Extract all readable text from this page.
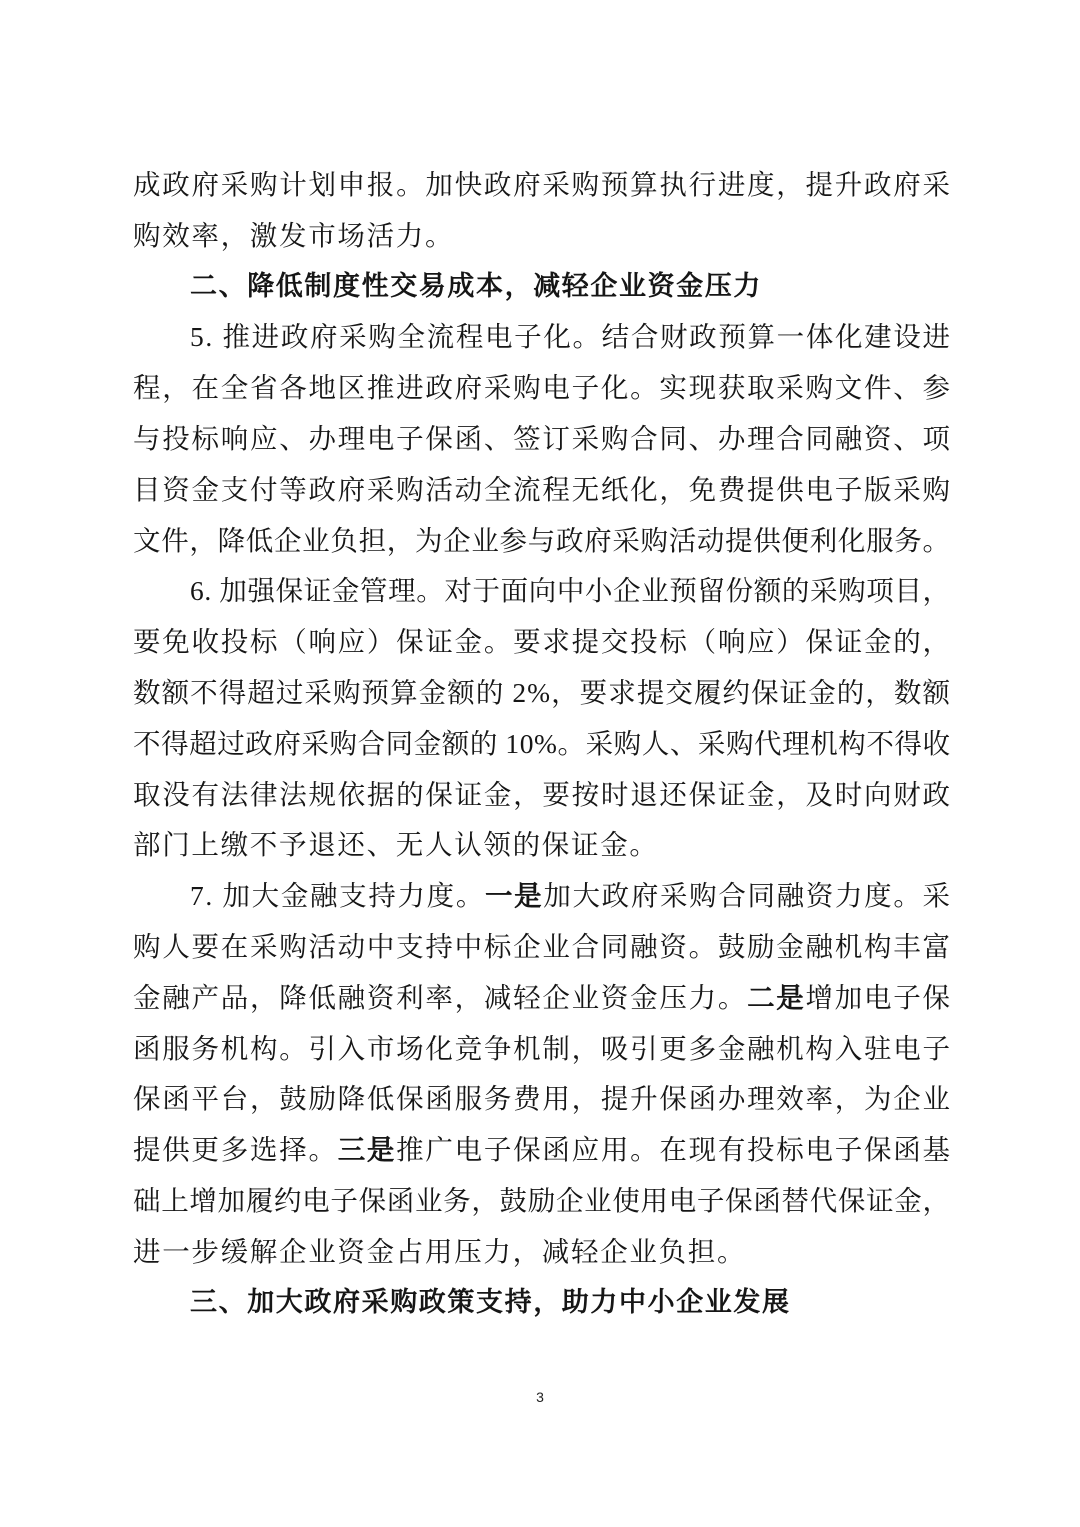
成政府采购计划申报。加快政府采购预算执行进度，提升政府采
购效率，激发市场活力。
二、降低制度性交易成本，减轻企业资金压力
5. 推进政府采购全流程电子化。结合财政预算一体化建设进
程，在全省各地区推进政府采购电子化。实现获取采购文件、参
与投标响应、办理电子保函、签订采购合同、办理合同融资、项
目资金支付等政府采购活动全流程无纸化，免费提供电子版采购
文件，降低企业负担，为企业参与政府采购活动提供便利化服务。
6. 加强保证金管理。对于面向中小企业预留份额的采购项目，
要免收投标（响应）保证金。要求提交投标（响应）保证金的，
数额不得超过采购预算金额的 2%，要求提交履约保证金的，数额
不得超过政府采购合同金额的 10%。采购人、采购代理机构不得收
取没有法律法规依据的保证金，要按时退还保证金，及时向财政
部门上缴不予退还、无人认领的保证金。
7. 加大金融支持力度。一是加大政府采购合同融资力度。采
购人要在采购活动中支持中标企业合同融资。鼓励金融机构丰富
金融产品，降低融资利率，减轻企业资金压力。二是增加电子保
函服务机构。引入市场化竞争机制，吸引更多金融机构入驻电子
保函平台，鼓励降低保函服务费用，提升保函办理效率，为企业
提供更多选择。三是推广电子保函应用。在现有投标电子保函基
础上增加履约电子保函业务，鼓励企业使用电子保函替代保证金，
进一步缓解企业资金占用压力，减轻企业负担。
三、加大政府采购政策支持，助力中小企业发展
3
